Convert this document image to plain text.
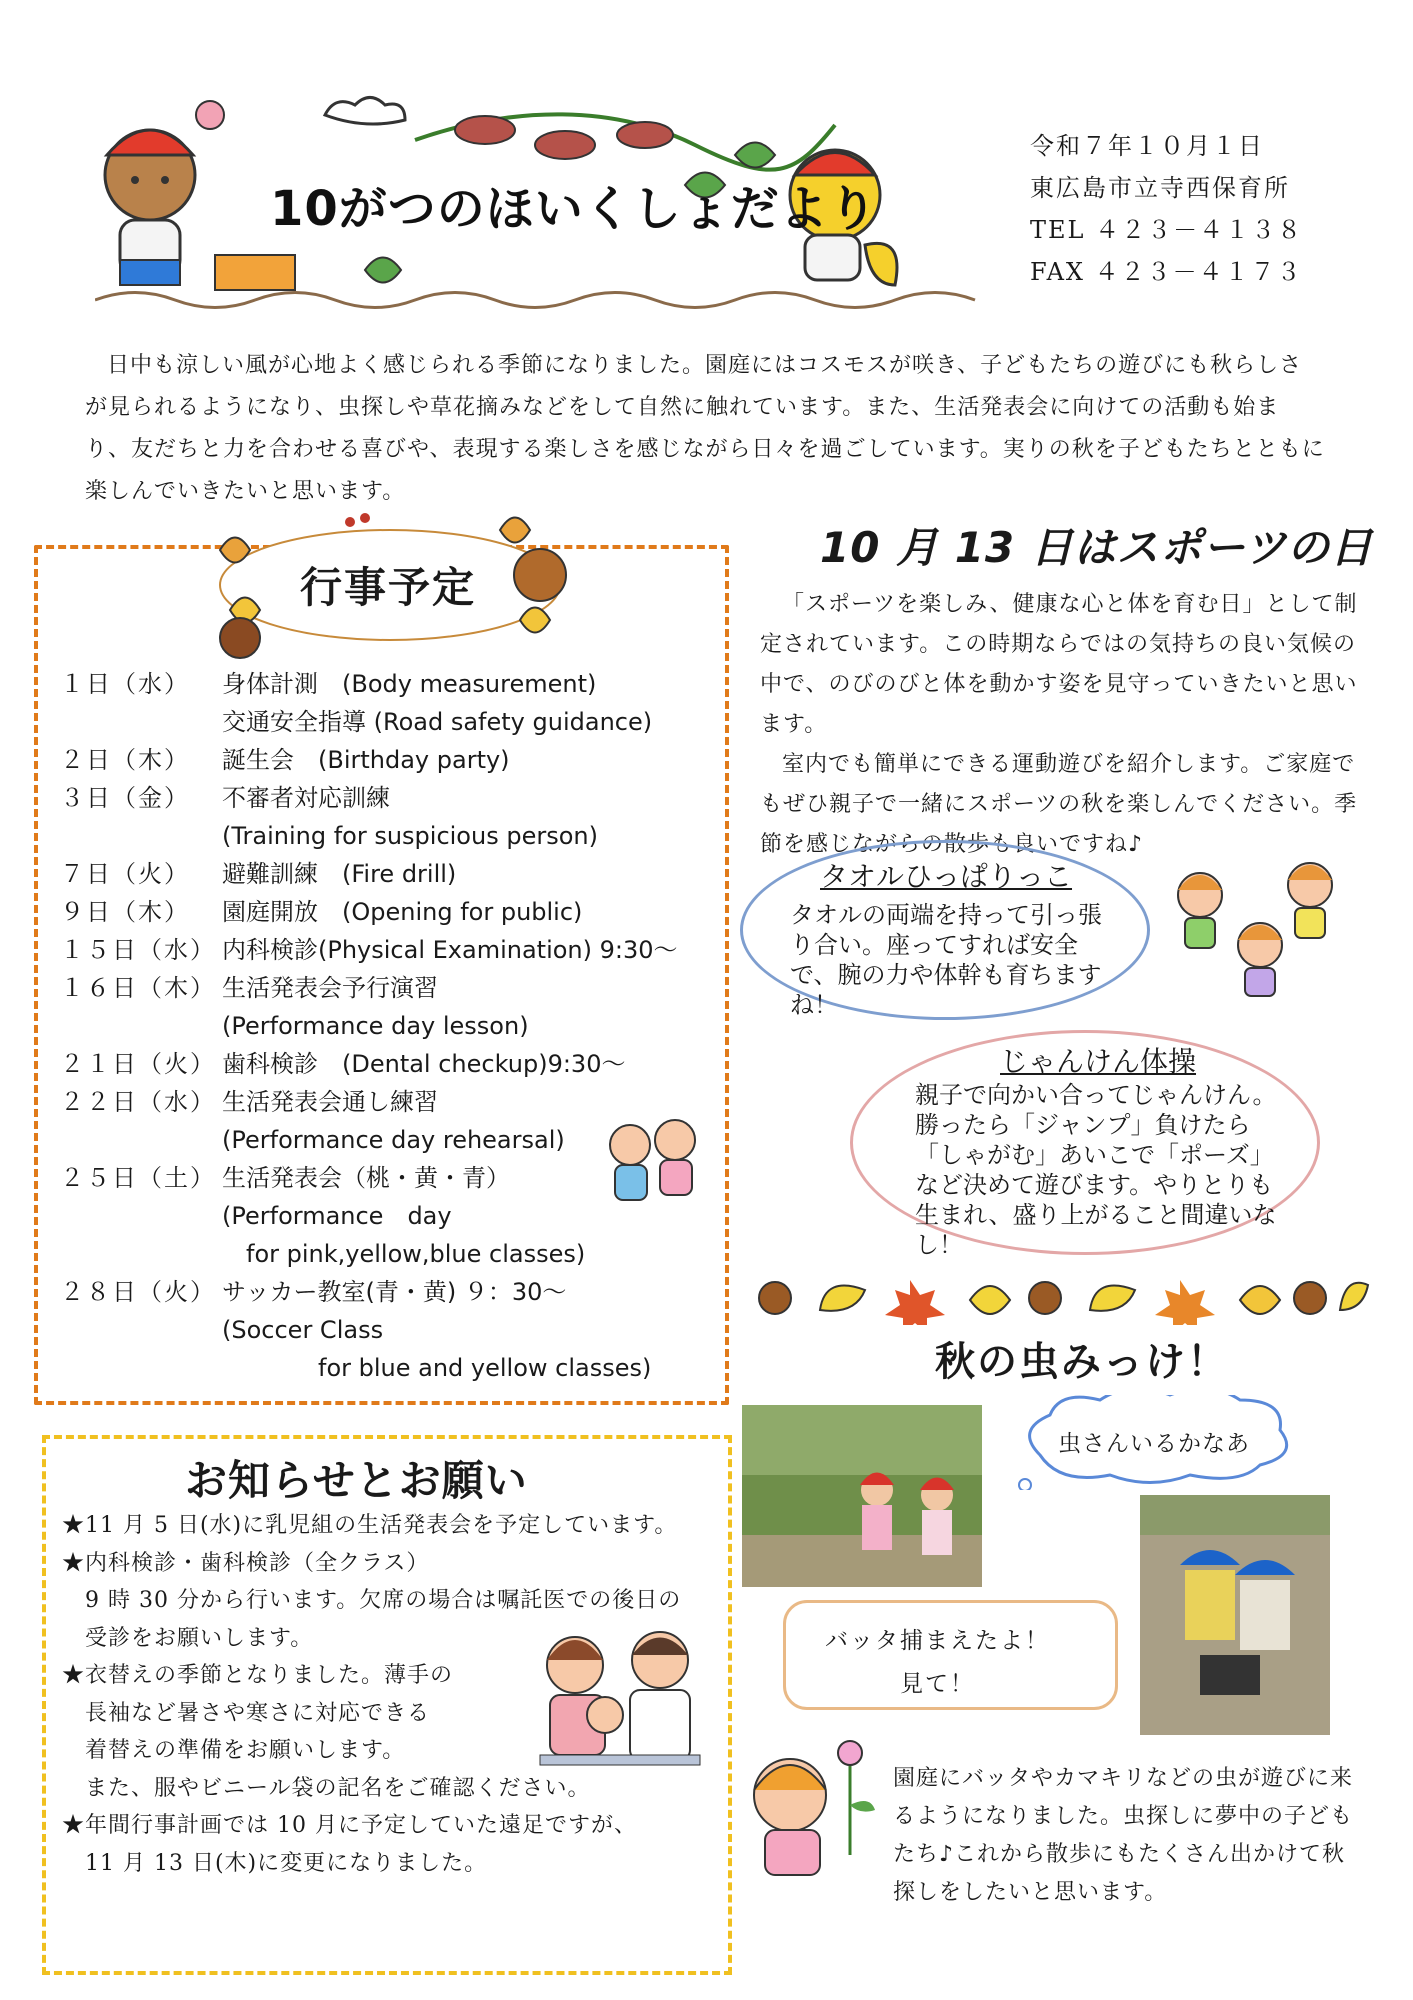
10がつのほいくしょだより
令和７年１０月１日
東広島市立寺西保育所
TEL ４２３－４１３８
FAX ４２３－４１７３
日中も涼しい風が心地よく感じられる季節になりました。園庭にはコスモスが咲き、子どもたちの遊びにも秋らしさが見られるようになり、虫探しや草花摘みなどをして自然に触れています。また、生活発表会に向けての活動も始まり、友だちと力を合わせる喜びや、表現する楽しさを感じながら日々を過ごしています。実りの秋を子どもたちとともに楽しんでいきたいと思います。
行事予定
１日（水）	身体計測　(Body measurement)
交通安全指導 (Road safety guidance)
２日（木）	誕生会　(Birthday party)
３日（金）	不審者対応訓練
(Training for suspicious person)
７日（火）	避難訓練　(Fire drill)
９日（木）	園庭開放　(Opening for public)
１５日（水） 内科検診(Physical Examination) 9:30～
１６日（木） 生活発表会予行演習
(Performance day lesson)
２１日（火） 歯科検診　(Dental checkup)9:30～
２２日（水） 生活発表会通し練習
(Performance day rehearsal)
２５日（土） 生活発表会（桃・黄・青）
(Performance　day
　for pink,yellow,blue classes)
２８日（火） サッカー教室(青・黄) ９：30～
(Soccer Class
　　　　for blue and yellow classes)
お知らせとお願い
★11 月 5 日(水)に乳児組の生活発表会を予定しています。
★内科検診・歯科検診（全クラス）
　9 時 30 分から行います。欠席の場合は嘱託医での後日の
　受診をお願いします。
★衣替えの季節となりました。薄手の
　長袖など暑さや寒さに対応できる
　着替えの準備をお願いします。
　また、服やビニール袋の記名をご確認ください。
★年間行事計画では 10 月に予定していた遠足ですが、
　11 月 13 日(木)に変更になりました。
10 月 13 日はスポーツの日
「スポーツを楽しみ、健康な心と体を育む日」として制定されています。この時期ならではの気持ちの良い気候の中で、のびのびと体を動かす姿を見守っていきたいと思います。
室内でも簡単にできる運動遊びを紹介します。ご家庭でもぜひ親子で一緒にスポーツの秋を楽しんでください。季節を感じながらの散歩も良いですね♪
タオルひっぱりっこ
タオルの両端を持って引っ張り合い。座ってすれば安全で、腕の力や体幹も育ちますね！
じゃんけん体操
親子で向かい合ってじゃんけん。勝ったら「ジャンプ」負けたら「しゃがむ」あいこで「ポーズ」など決めて遊びます。やりとりも生まれ、盛り上がること間違いなし！
秋の虫みっけ！
虫さんいるかなあ
バッタ捕まえたよ！
見て！
園庭にバッタやカマキリなどの虫が遊びに来るようになりました。虫探しに夢中の子どもたち♪これから散歩にもたくさん出かけて秋探しをしたいと思います。
